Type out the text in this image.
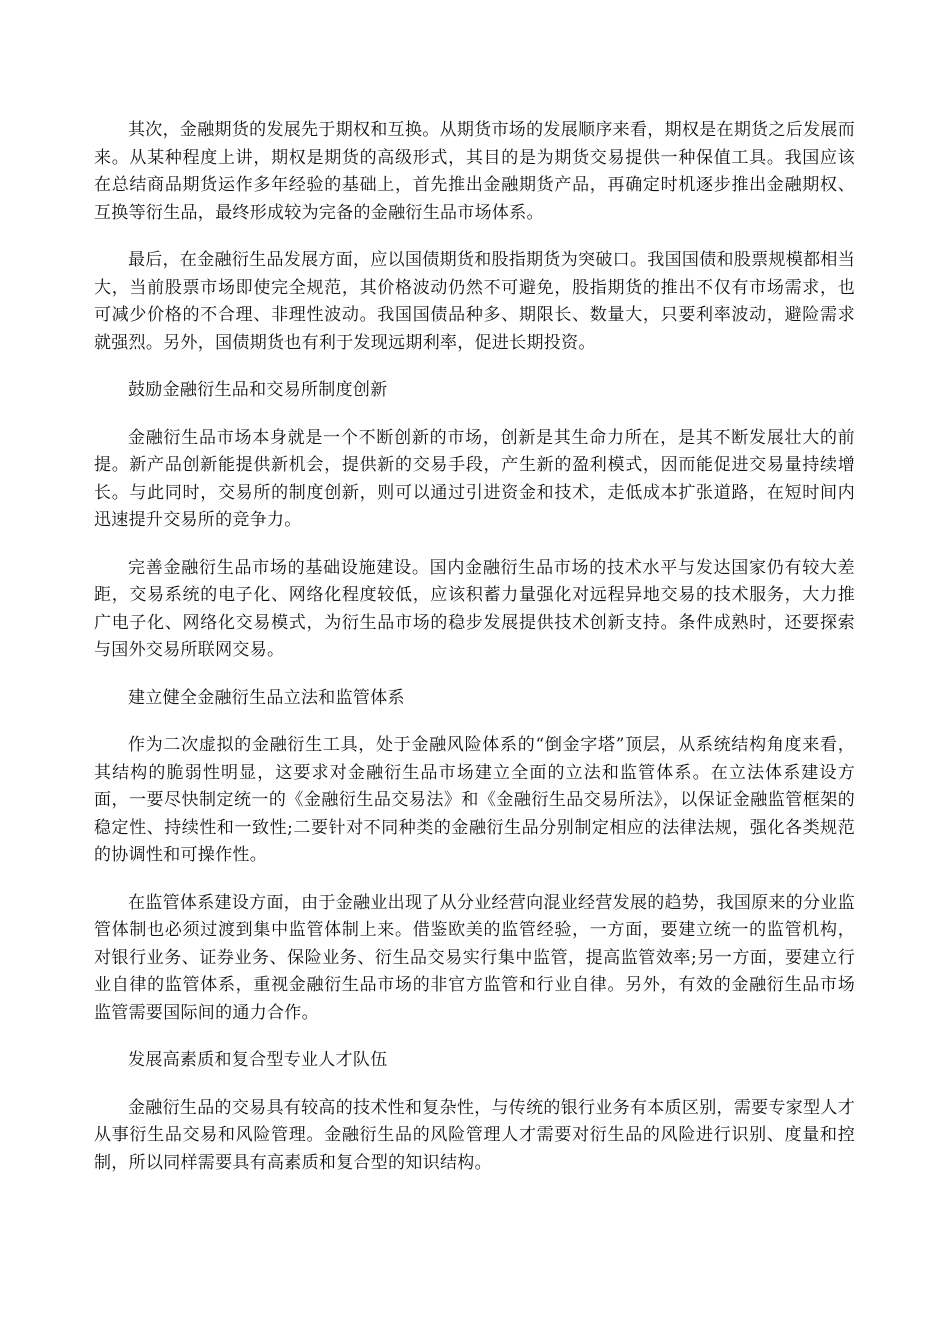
其次，金融期货的发展先于期权和互换。从期货市场的发展顺序来看，期权是在期货之后发展而来。从某种程度上讲，期权是期货的高级形式，其目的是为期货交易提供一种保值工具。我国应该在总结商品期货运作多年经验的基础上，首先推出金融期货产品，再确定时机逐步推出金融期权、互换等衍生品，最终形成较为完备的金融衍生品市场体系。

最后，在金融衍生品发展方面，应以国债期货和股指期货为突破口。我国国债和股票规模都相当大，当前股票市场即使完全规范，其价格波动仍然不可避免，股指期货的推出不仅有市场需求，也可减少价格的不合理、非理性波动。我国国债品种多、期限长、数量大，只要利率波动，避险需求就强烈。另外，国债期货也有利于发现远期利率，促进长期投资。

鼓励金融衍生品和交易所制度创新

金融衍生品市场本身就是一个不断创新的市场，创新是其生命力所在，是其不断发展壮大的前提。新产品创新能提供新机会，提供新的交易手段，产生新的盈利模式，因而能促进交易量持续增长。与此同时，交易所的制度创新，则可以通过引进资金和技术，走低成本扩张道路，在短时间内迅速提升交易所的竞争力。

完善金融衍生品市场的基础设施建设。国内金融衍生品市场的技术水平与发达国家仍有较大差距，交易系统的电子化、网络化程度较低，应该积蓄力量强化对远程异地交易的技术服务，大力推广电子化、网络化交易模式，为衍生品市场的稳步发展提供技术创新支持。条件成熟时，还要探索与国外交易所联网交易。

建立健全金融衍生品立法和监管体系

作为二次虚拟的金融衍生工具，处于金融风险体系的“倒金字塔”顶层，从系统结构角度来看，其结构的脆弱性明显，这要求对金融衍生品市场建立全面的立法和监管体系。在立法体系建设方面，一要尽快制定统一的《金融衍生品交易法》和《金融衍生品交易所法》，以保证金融监管框架的稳定性、持续性和一致性;二要针对不同种类的金融衍生品分别制定相应的法律法规，强化各类规范的协调性和可操作性。

在监管体系建设方面，由于金融业出现了从分业经营向混业经营发展的趋势，我国原来的分业监管体制也必须过渡到集中监管体制上来。借鉴欧美的监管经验，一方面，要建立统一的监管机构，对银行业务、证券业务、保险业务、衍生品交易实行集中监管，提高监管效率;另一方面，要建立行业自律的监管体系，重视金融衍生品市场的非官方监管和行业自律。另外，有效的金融衍生品市场监管需要国际间的通力合作。

发展高素质和复合型专业人才队伍

金融衍生品的交易具有较高的技术性和复杂性，与传统的银行业务有本质区别，需要专家型人才从事衍生品交易和风险管理。金融衍生品的风险管理人才需要对衍生品的风险进行识别、度量和控制，所以同样需要具有高素质和复合型的知识结构。
